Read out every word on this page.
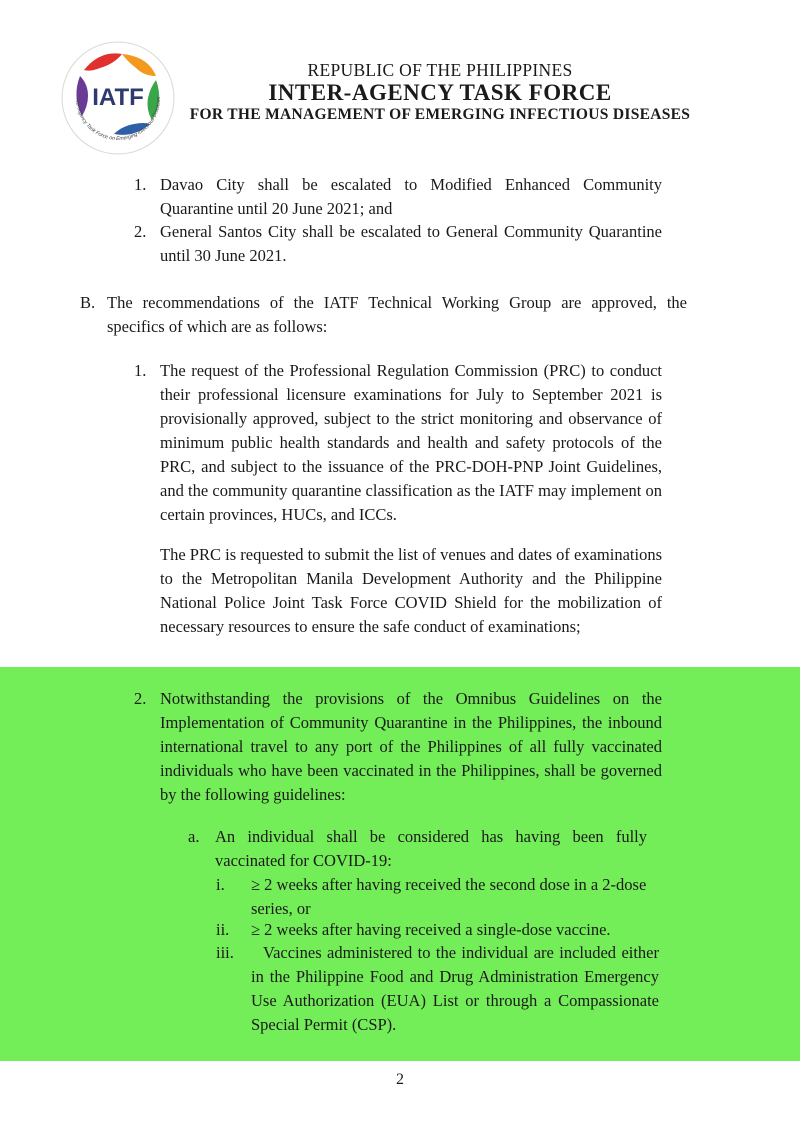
IATF
nter-Agency Task Force on Emerging Infectious Diseases
REPUBLIC OF THE PHILIPPINES
INTER-AGENCY TASK FORCE
FOR THE MANAGEMENT OF EMERGING INFECTIOUS DISEASES
1. Davao City shall be escalated to Modified Enhanced Community Quarantine until 20 June 2021; and
2. General Santos City shall be escalated to General Community Quarantine until 30 June 2021.
B. The recommendations of the IATF Technical Working Group are approved, the specifics of which are as follows:
1. The request of the Professional Regulation Commission (PRC) to conduct their professional licensure examinations for July to September 2021 is provisionally approved, subject to the strict monitoring and observance of minimum public health standards and health and safety protocols of the PRC, and subject to the issuance of the PRC-DOH-PNP Joint Guidelines, and the community quarantine classification as the IATF may implement on certain provinces, HUCs, and ICCs.
The PRC is requested to submit the list of venues and dates of examinations to the Metropolitan Manila Development Authority and the Philippine National Police Joint Task Force COVID Shield for the mobilization of necessary resources to ensure the safe conduct of examinations;
2. Notwithstanding the provisions of the Omnibus Guidelines on the Implementation of Community Quarantine in the Philippines, the inbound international travel to any port of the Philippines of all fully vaccinated individuals who have been vaccinated in the Philippines, shall be governed by the following guidelines:
a. An individual shall be considered has having been fully vaccinated for COVID-19:
i. ≥ 2 weeks after having received the second dose in a 2-dose series, or
ii. ≥ 2 weeks after having received a single-dose vaccine.
iii.	Vaccines administered to the individual are included either in the Philippine Food and Drug Administration Emergency Use Authorization (EUA) List or through a Compassionate Special Permit (CSP).
2
